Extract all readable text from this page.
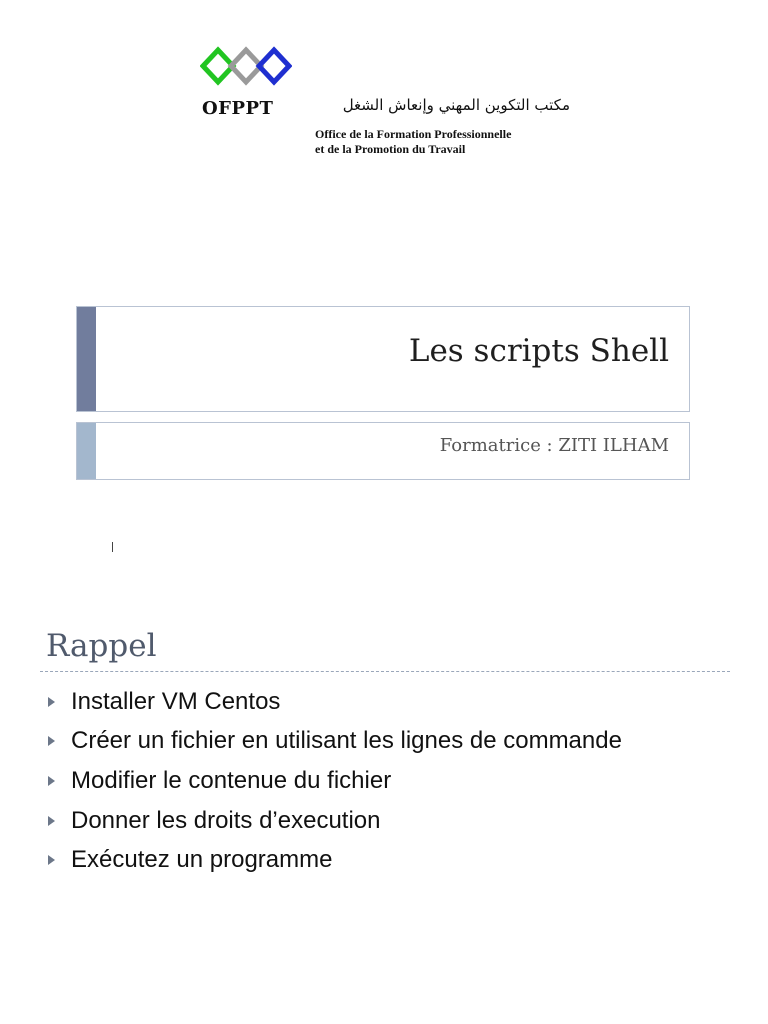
OFPPT	مكتب التكوين المهني وإنعاش الشغل
Office de la Formation Professionnelle
et de la Promotion du Travail
Les scripts Shell
Formatrice : ZITI ILHAM
Rappel
Installer VM Centos
Créer un fichier en utilisant les lignes de commande
Modifier le contenue du fichier
Donner les droits d’execution
Exécutez un programme
